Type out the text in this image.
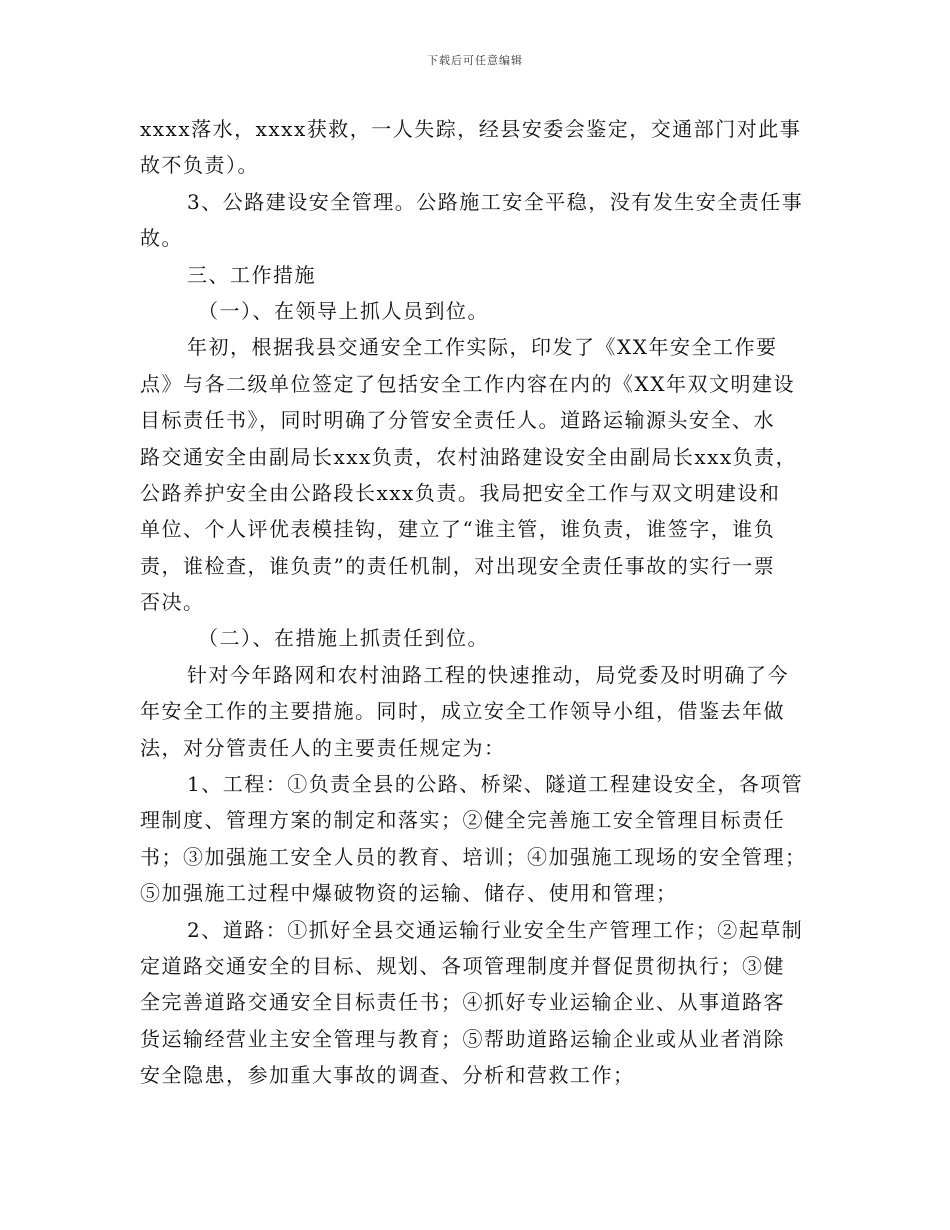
下载后可任意编辑
xxxx落水，xxxx获救，一人失踪，经县安委会鉴定，交通部门对此事
故不负责）。
3、公路建设安全管理。公路施工安全平稳，没有发生安全责任事
故。
三、工作措施
（一）、在领导上抓人员到位。
年初，根据我县交通安全工作实际，印发了《XX年安全工作要
点》与各二级单位签定了包括安全工作内容在内的《XX年双文明建设
目标责任书》，同时明确了分管安全责任人。道路运输源头安全、水
路交通安全由副局长xxx负责，农村油路建设安全由副局长xxx负责，
公路养护安全由公路段长xxx负责。我局把安全工作与双文明建设和
单位、个人评优表模挂钩，建立了“谁主管，谁负责，谁签字，谁负
责，谁检查，谁负责”的责任机制，对出现安全责任事故的实行一票
否决。
（二）、在措施上抓责任到位。
针对今年路网和农村油路工程的快速推动，局党委及时明确了今
年安全工作的主要措施。同时，成立安全工作领导小组，借鉴去年做
法，对分管责任人的主要责任规定为：
1、工程：①负责全县的公路、桥梁、隧道工程建设安全，各项管
理制度、管理方案的制定和落实；②健全完善施工安全管理目标责任
书；③加强施工安全人员的教育、培训；④加强施工现场的安全管理；
⑤加强施工过程中爆破物资的运输、储存、使用和管理；
2、道路：①抓好全县交通运输行业安全生产管理工作；②起草制
定道路交通安全的目标、规划、各项管理制度并督促贯彻执行；③健
全完善道路交通安全目标责任书；④抓好专业运输企业、从事道路客
货运输经营业主安全管理与教育；⑤帮助道路运输企业或从业者消除
安全隐患，参加重大事故的调查、分析和营救工作；
